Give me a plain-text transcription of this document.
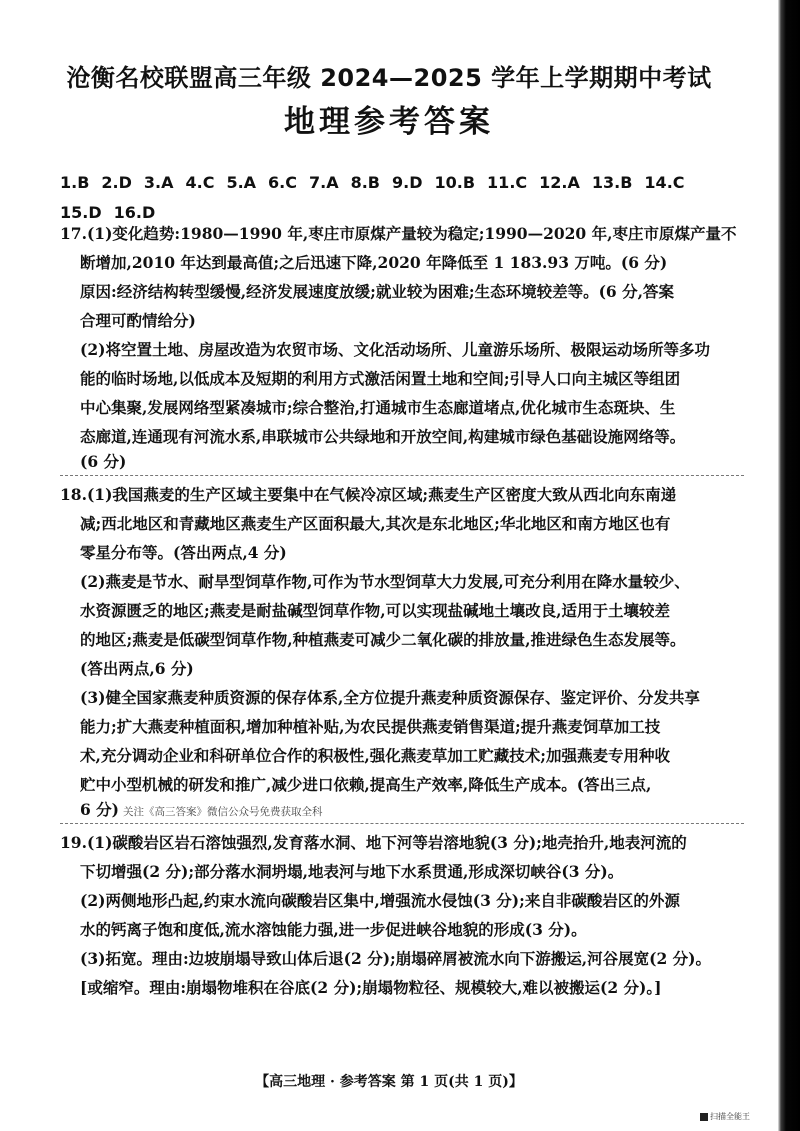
沧衡名校联盟高三年级 2024—2025 学年上学期期中考试
地理参考答案
1.B 2.D 3.A 4.C 5.A 6.C 7.A 8.B 9.D 10.B 11.C 12.A 13.B 14.C15.D 16.D
17.(1)变化趋势:1980—1990 年,枣庄市原煤产量较为稳定;1990—2020 年,枣庄市原煤产量不
断增加,2010 年达到最高值;之后迅速下降,2020 年降低至 1 183.93 万吨。(6 分)
原因:经济结构转型缓慢,经济发展速度放缓;就业较为困难;生态环境较差等。(6 分,答案
合理可酌情给分)
(2)将空置土地、房屋改造为农贸市场、文化活动场所、儿童游乐场所、极限运动场所等多功
能的临时场地,以低成本及短期的利用方式激活闲置土地和空间;引导人口向主城区等组团
中心集聚,发展网络型紧凑城市;综合整治,打通城市生态廊道堵点,优化城市生态斑块、生
态廊道,连通现有河流水系,串联城市公共绿地和开放空间,构建城市绿色基础设施网络等。
(6 分)
18.(1)我国燕麦的生产区域主要集中在气候冷凉区域;燕麦生产区密度大致从西北向东南递
减;西北地区和青藏地区燕麦生产区面积最大,其次是东北地区;华北地区和南方地区也有
零星分布等。(答出两点,4 分)
(2)燕麦是节水、耐旱型饲草作物,可作为节水型饲草大力发展,可充分利用在降水量较少、
水资源匮乏的地区;燕麦是耐盐碱型饲草作物,可以实现盐碱地土壤改良,适用于土壤较差
的地区;燕麦是低碳型饲草作物,种植燕麦可减少二氧化碳的排放量,推进绿色生态发展等。
(答出两点,6 分)
(3)健全国家燕麦种质资源的保存体系,全方位提升燕麦种质资源保存、鉴定评价、分发共享
能力;扩大燕麦种植面积,增加种植补贴,为农民提供燕麦销售渠道;提升燕麦饲草加工技
术,充分调动企业和科研单位合作的积极性,强化燕麦草加工贮藏技术;加强燕麦专用种收
贮中小型机械的研发和推广,减少进口依赖,提高生产效率,降低生产成本。(答出三点,
6 分) 关注《高三答案》微信公众号免费获取全科
19.(1)碳酸岩区岩石溶蚀强烈,发育落水洞、地下河等岩溶地貌(3 分);地壳抬升,地表河流的
下切增强(2 分);部分落水洞坍塌,地表河与地下水系贯通,形成深切峡谷(3 分)。
(2)两侧地形凸起,约束水流向碳酸岩区集中,增强流水侵蚀(3 分);来自非碳酸岩区的外源
水的钙离子饱和度低,流水溶蚀能力强,进一步促进峡谷地貌的形成(3 分)。
(3)拓宽。理由:边坡崩塌导致山体后退(2 分);崩塌碎屑被流水向下游搬运,河谷展宽(2 分)。
[或缩窄。理由:崩塌物堆积在谷底(2 分);崩塌物粒径、规模较大,难以被搬运(2 分)。]
【高三地理 · 参考答案 第 1 页(共 1 页)】
扫描全能王
